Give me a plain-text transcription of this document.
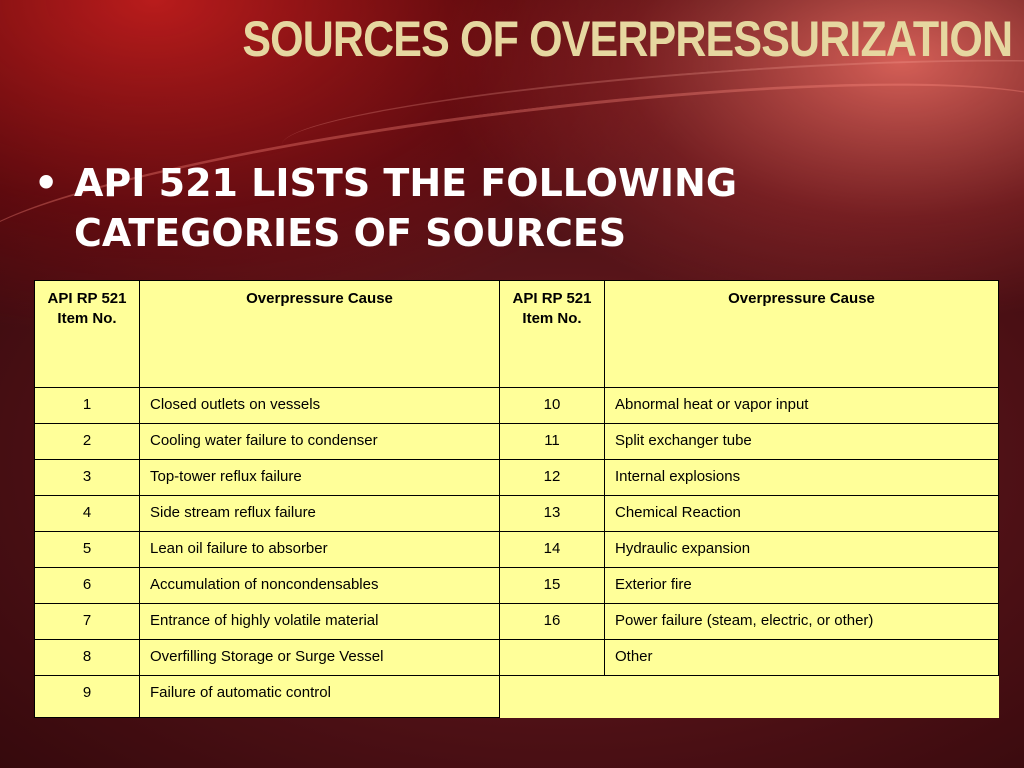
SOURCES OF OVERPRESSURIZATION
• API 521 LISTS THE FOLLOWING CATEGORIES OF SOURCES
API RP 521 Item No.	Overpressure Cause	API RP 521 Item No.	Overpressure Cause
1	Closed outlets on vessels	10	Abnormal heat or vapor input
2	Cooling water failure to condenser	11	Split exchanger tube
3	Top-tower reflux failure	12	Internal explosions
4	Side stream reflux failure	13	Chemical Reaction
5	Lean oil failure to absorber	14	Hydraulic expansion
6	Accumulation of noncondensables	15	Exterior fire
7	Entrance of highly volatile material	16	Power failure (steam, electric, or other)
8	Overfilling Storage or Surge Vessel		Other
9	Failure of automatic control		
